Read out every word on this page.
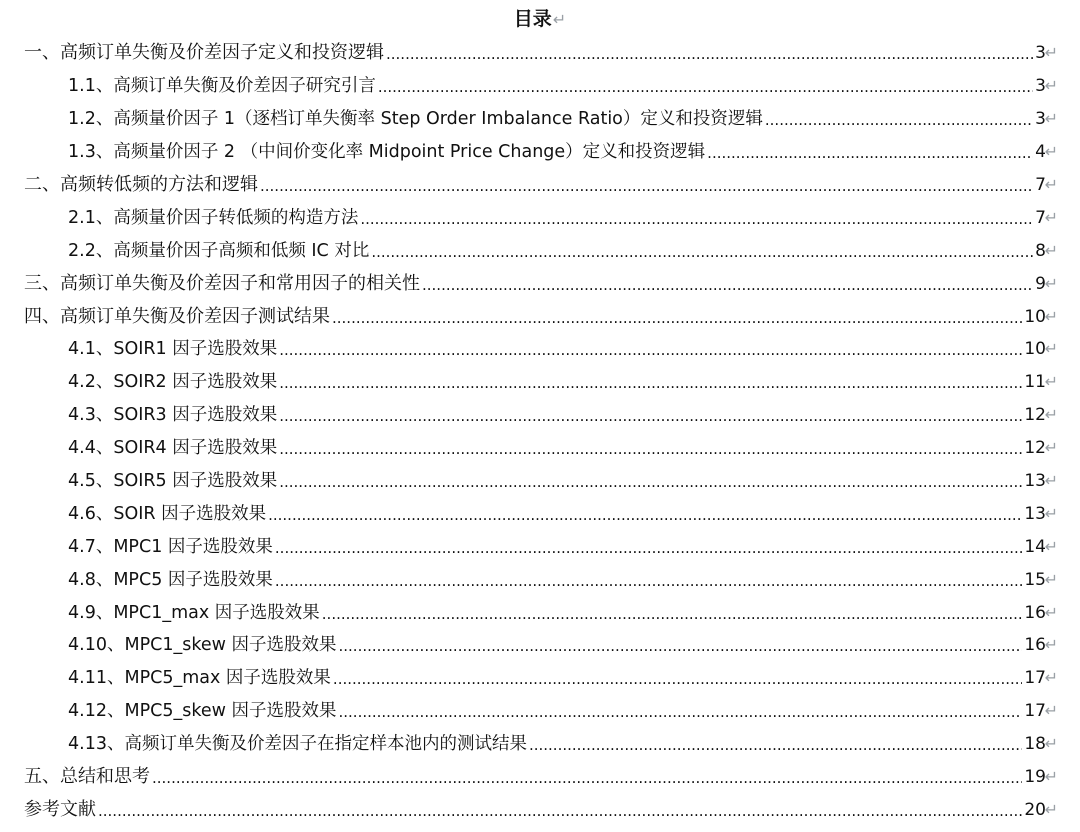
目录↵
一、高频订单失衡及价差因子定义和投资逻辑 .....	3
↵
1.1、高频订单失衡及价差因子研究引言 .....	3
↵
1.2、高频量价因子 1（逐档订单失衡率 Step Order Imbalance Ratio）定义和投资逻辑 .....	3
↵
1.3、高频量价因子 2 （中间价变化率 Midpoint Price Change）定义和投资逻辑 .....	4
↵
二、高频转低频的方法和逻辑 .....	7
↵
2.1、高频量价因子转低频的构造方法 .....	7
↵
2.2、高频量价因子高频和低频 IC 对比 .....	8
↵
三、高频订单失衡及价差因子和常用因子的相关性 .....	9
↵
四、高频订单失衡及价差因子测试结果 .....	10
↵
4.1、SOIR1 因子选股效果 .....	10
↵
4.2、SOIR2 因子选股效果 .....	11
↵
4.3、SOIR3 因子选股效果 .....	12
↵
4.4、SOIR4 因子选股效果 .....	12
↵
4.5、SOIR5 因子选股效果 .....	13
↵
4.6、SOIR 因子选股效果 .....	13
↵
4.7、MPC1 因子选股效果 .....	14
↵
4.8、MPC5 因子选股效果 .....	15
↵
4.9、MPC1_max 因子选股效果 .....	16
↵
4.10、MPC1_skew 因子选股效果 .....	16
↵
4.11、MPC5_max 因子选股效果 .....	17
↵
4.12、MPC5_skew 因子选股效果 .....	17
↵
4.13、高频订单失衡及价差因子在指定样本池内的测试结果 .....	18
↵
五、总结和思考 .....	19
↵
参考文献 .....	20
↵
